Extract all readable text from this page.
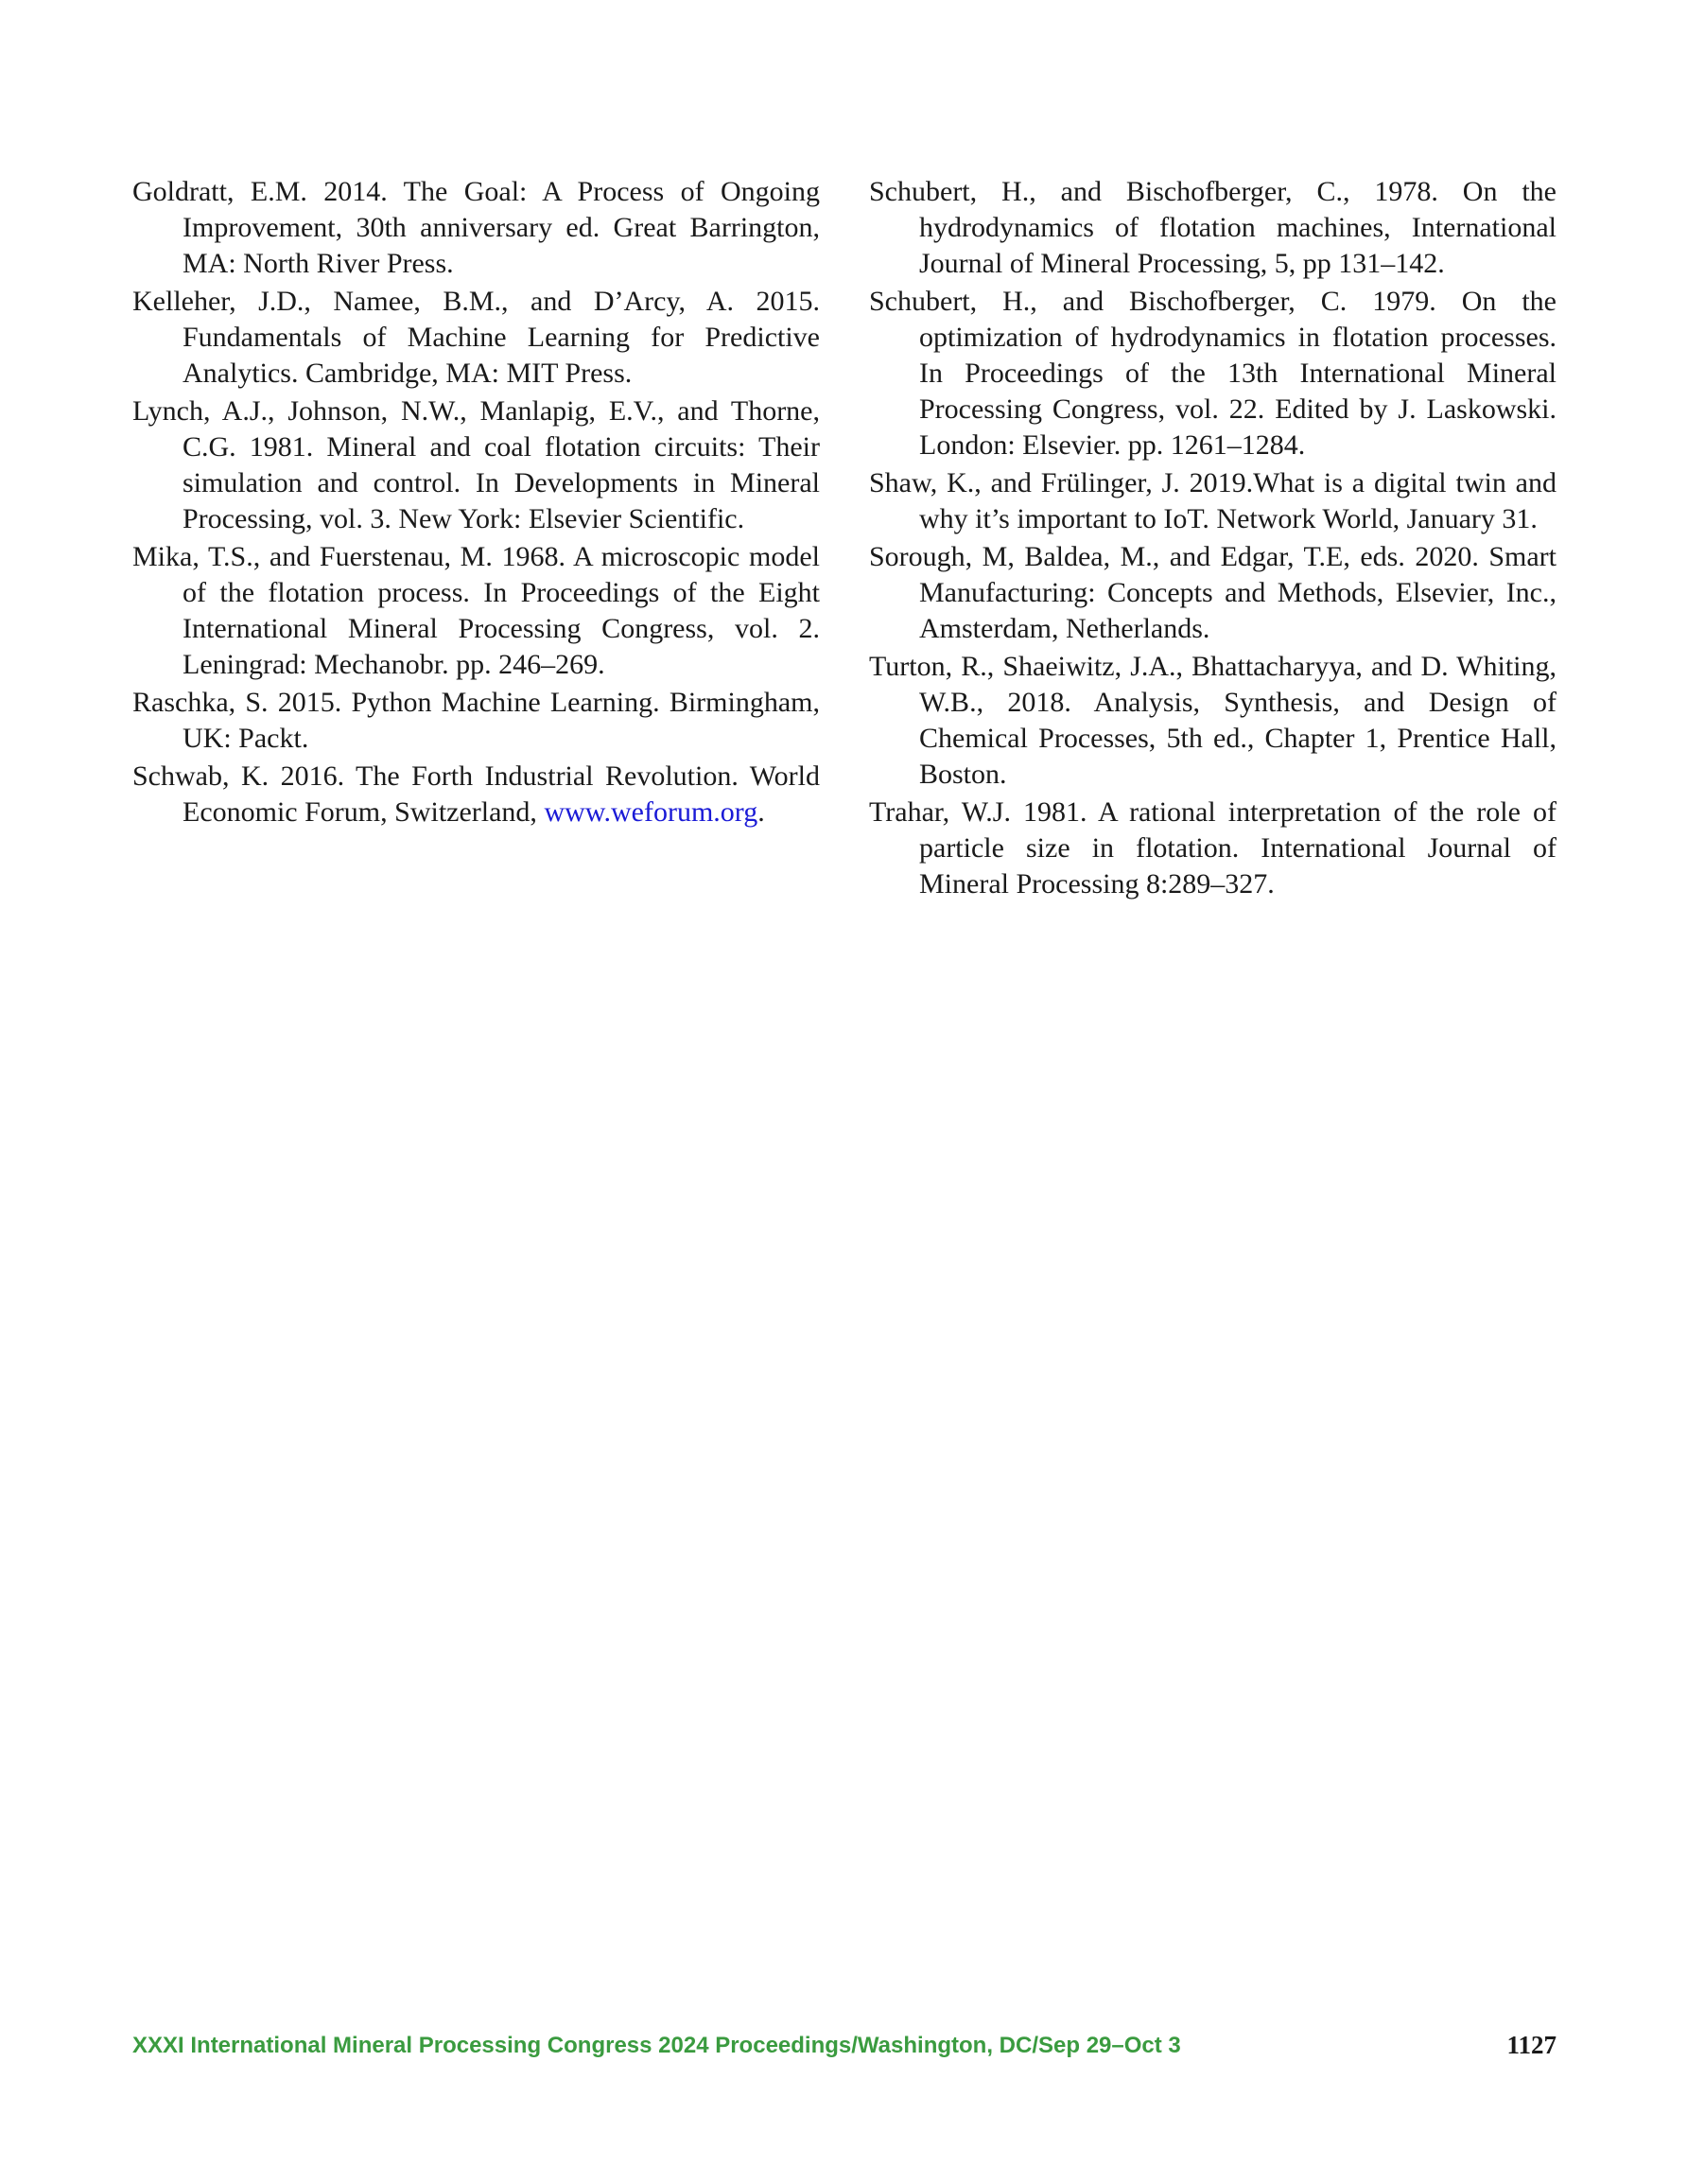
Goldratt, E.M. 2014. The Goal: A Process of Ongoing Improvement, 30th anniversary ed. Great Barrington, MA: North River Press.

Kelleher, J.D., Namee, B.M., and D’Arcy, A. 2015. Fundamentals of Machine Learning for Predictive Analytics. Cambridge, MA: MIT Press.

Lynch, A.J., Johnson, N.W., Manlapig, E.V., and Thorne, C.G. 1981. Mineral and coal flotation circuits: Their simulation and control. In Developments in Mineral Processing, vol. 3. New York: Elsevier Scientific.

Mika, T.S., and Fuerstenau, M. 1968. A microscopic model of the flotation process. In Proceedings of the Eight International Mineral Processing Congress, vol. 2. Leningrad: Mechanobr. pp. 246–269.

Raschka, S. 2015. Python Machine Learning. Birmingham, UK: Packt.

Schwab, K. 2016. The Forth Industrial Revolution. World Economic Forum, Switzerland, www.weforum.org.

Schubert, H., and Bischofberger, C., 1978. On the hydrodynamics of flotation machines, International Journal of Mineral Processing, 5, pp 131–142.

Schubert, H., and Bischofberger, C. 1979. On the optimization of hydrodynamics in flotation processes. In Proceedings of the 13th International Mineral Processing Congress, vol. 22. Edited by J. Laskowski. London: Elsevier. pp. 1261–1284.

Shaw, K., and Frülinger, J. 2019.What is a digital twin and why it’s important to IoT. Network World, January 31.

Sorough, M, Baldea, M., and Edgar, T.E, eds. 2020. Smart Manufacturing: Concepts and Methods, Elsevier, Inc., Amsterdam, Netherlands.

Turton, R., Shaeiwitz, J.A., Bhattacharyya, and D. Whiting, W.B., 2018. Analysis, Synthesis, and Design of Chemical Processes, 5th ed., Chapter 1, Prentice Hall, Boston.

Trahar, W.J. 1981. A rational interpretation of the role of particle size in flotation. International Journal of Mineral Processing 8:289–327.

XXXI International Mineral Processing Congress 2024 Proceedings/Washington, DC/Sep 29–Oct 3	1127
